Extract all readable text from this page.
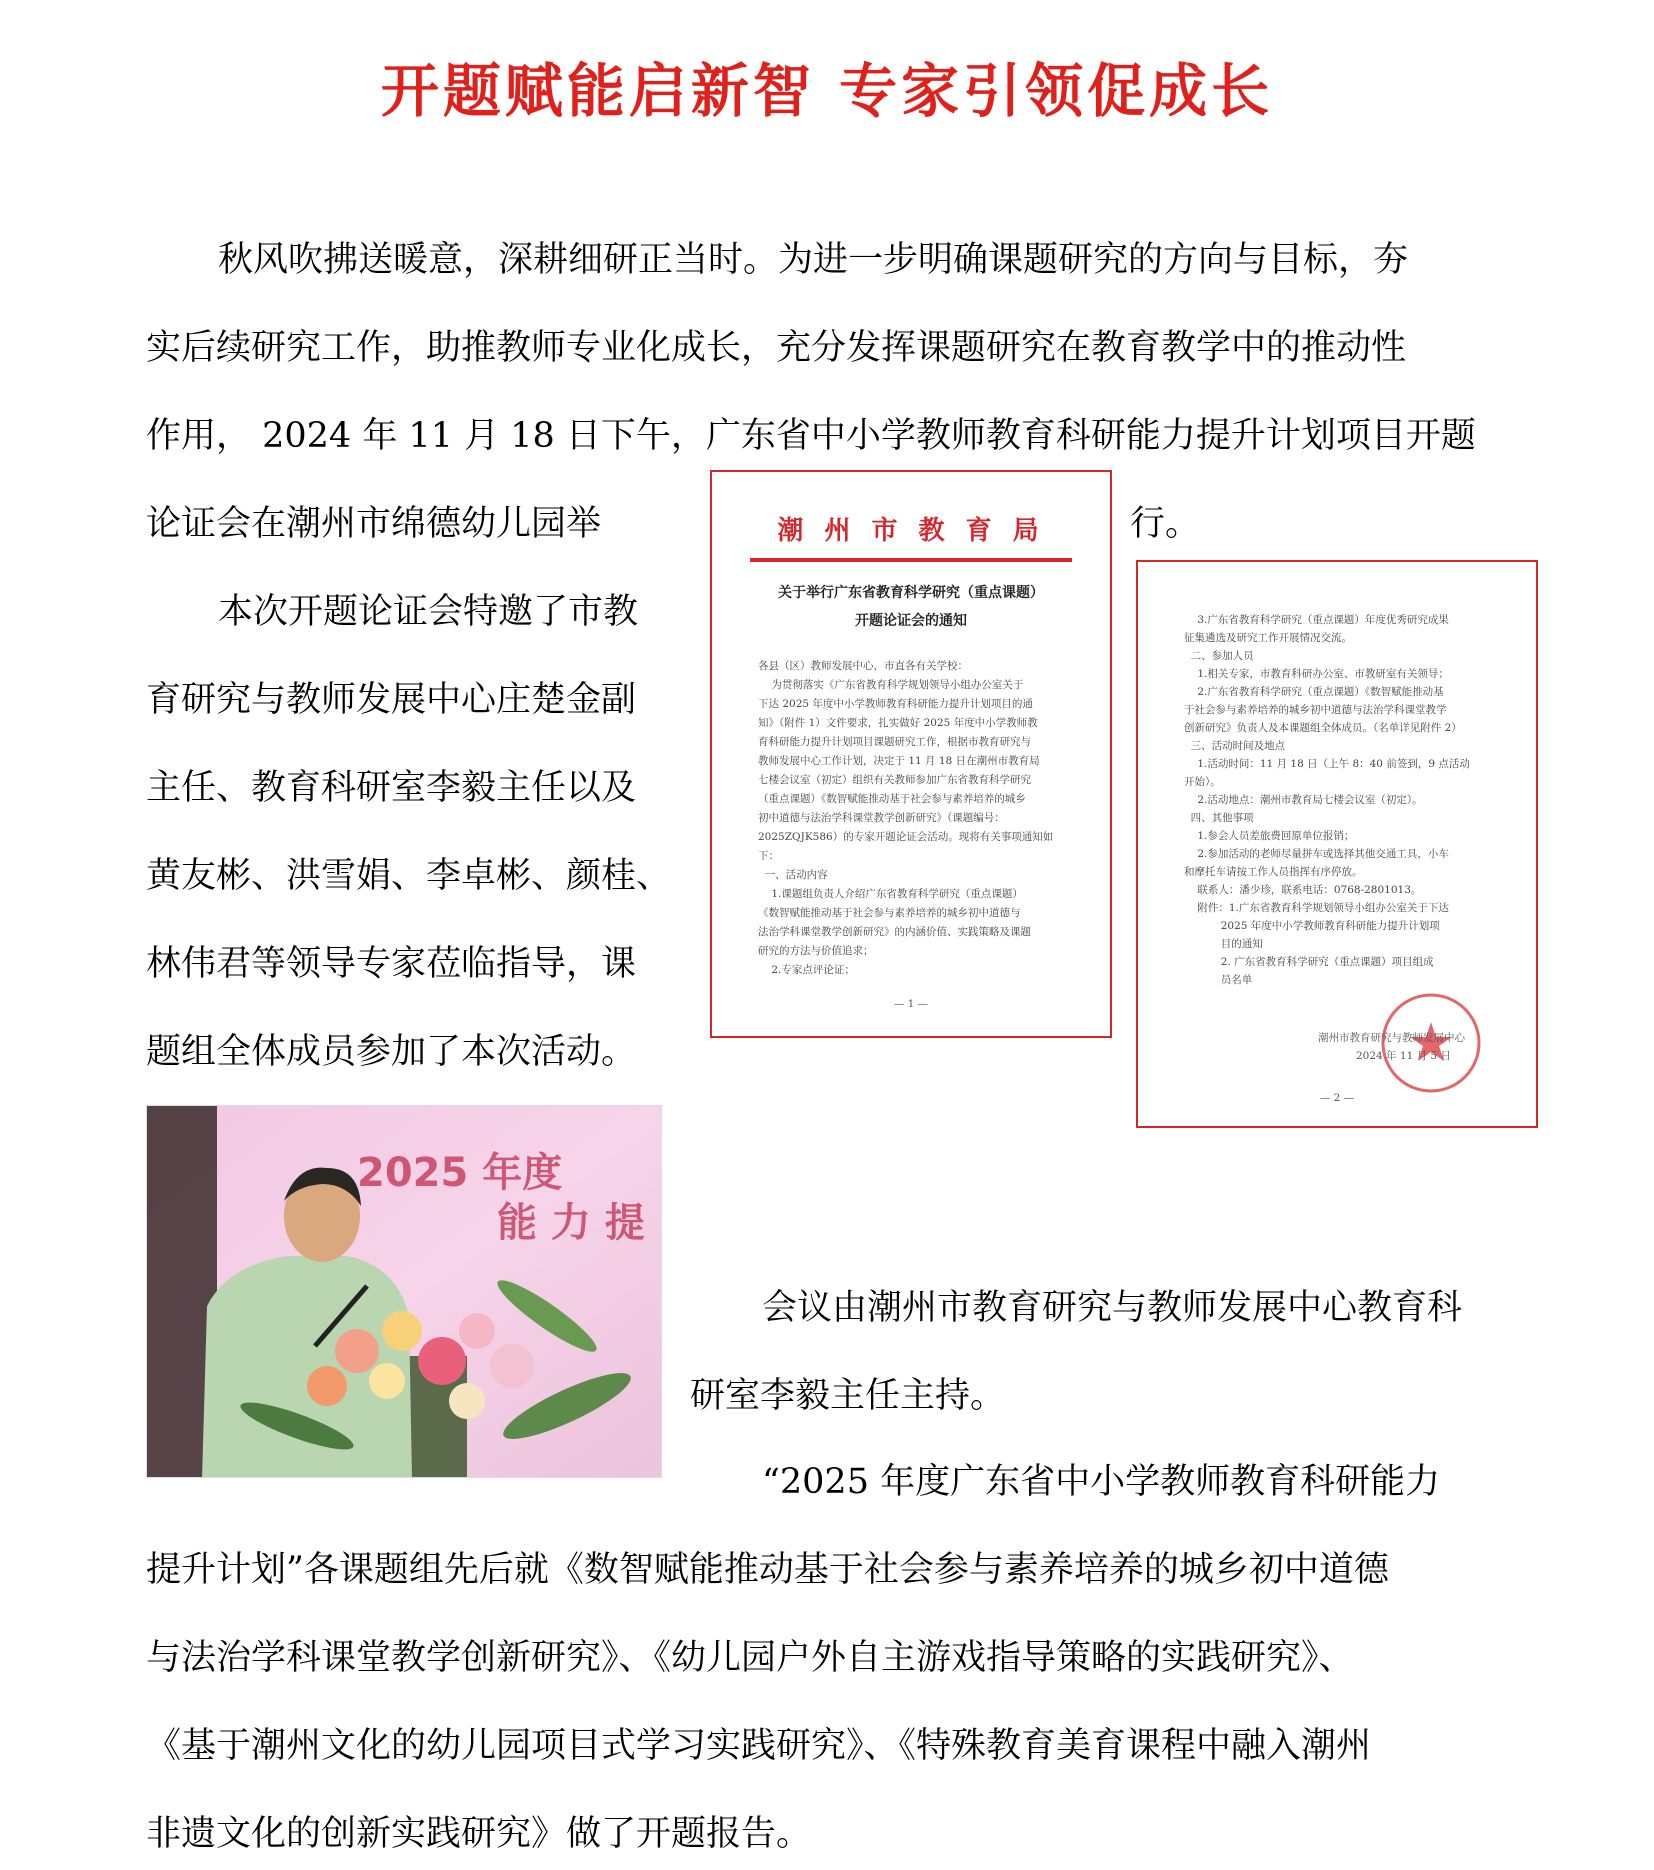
开题赋能启新智 专家引领促成长
秋风吹拂送暖意，深耕细研正当时。为进一步明确课题研究的方向与目标，夯
实后续研究工作，助推教师专业化成长，充分发挥课题研究在教育教学中的推动性
作用， 2024 年 11 月 18 日下午，广东省中小学教师教育科研能力提升计划项目开题
论证会在潮州市绵德幼儿园举	行。
本次开题论证会特邀了市教
育研究与教师发展中心庄楚金副
主任、教育科研室李毅主任以及
黄友彬、洪雪娟、李卓彬、颜桂、
林伟君等领导专家莅临指导，课
题组全体成员参加了本次活动。
潮 州 市 教 育 局
关于举行广东省教育科学研究（重点课题）
开题论证会的通知
各县（区）教师发展中心，市直各有关学校：
为贯彻落实《广东省教育科学规划领导小组办公室关于
下达 2025 年度中小学教师教育科研能力提升计划项目的通
知》（附件 1）文件要求，扎实做好 2025 年度中小学教师教
育科研能力提升计划项目课题研究工作，根据市教育研究与
教师发展中心工作计划，决定于 11 月 18 日在潮州市教育局
七楼会议室（初定）组织有关教师参加广东省教育科学研究
（重点课题）《数智赋能推动基于社会参与素养培养的城乡
初中道德与法治学科课堂教学创新研究》（课题编号：
2025ZQJK586）的专家开题论证会活动。现将有关事项通知如
下：
一、活动内容
1.课题组负责人介绍广东省教育科学研究（重点课题）
《数智赋能推动基于社会参与素养培养的城乡初中道德与
法治学科课堂教学创新研究》的内涵价值、实践策略及课题
研究的方法与价值追求；
2.专家点评论证；
— 1 —
3.广东省教育科学研究（重点课题）年度优秀研究成果
征集遴选及研究工作开展情况交流。
二、参加人员
1.相关专家，市教育科研办公室、市教研室有关领导；
2.广东省教育科学研究（重点课题）《数智赋能推动基
于社会参与素养培养的城乡初中道德与法治学科课堂教学
创新研究》负责人及本课题组全体成员。（名单详见附件 2）
三、活动时间及地点
1.活动时间：11 月 18 日（上午 8：40 前签到，9 点活动
开始）。
2.活动地点：潮州市教育局七楼会议室（初定）。
四、其他事项
1.参会人员差旅费回原单位报销；
2.参加活动的老师尽量拼车或选择其他交通工具，小车
和摩托车请按工作人员指挥有序停放。
联系人：潘少珍，联系电话：0768-2801013。
附件：1.广东省教育科学规划领导小组办公室关于下达
2025 年度中小学教师教育科研能力提升计划项
目的通知
2. 广东省教育科学研究（重点课题）项目组成
员名单
潮州市教育研究与教师发展中心
2024 年 11 月 5 日
— 2 —
2025 年度
能 力 提
会议由潮州市教育研究与教师发展中心教育科
研室李毅主任主持。
“2025 年度广东省中小学教师教育科研能力
提升计划”各课题组先后就《数智赋能推动基于社会参与素养培养的城乡初中道德
与法治学科课堂教学创新研究》、《幼儿园户外自主游戏指导策略的实践研究》、
《基于潮州文化的幼儿园项目式学习实践研究》、《特殊教育美育课程中融入潮州
非遗文化的创新实践研究》做了开题报告。
